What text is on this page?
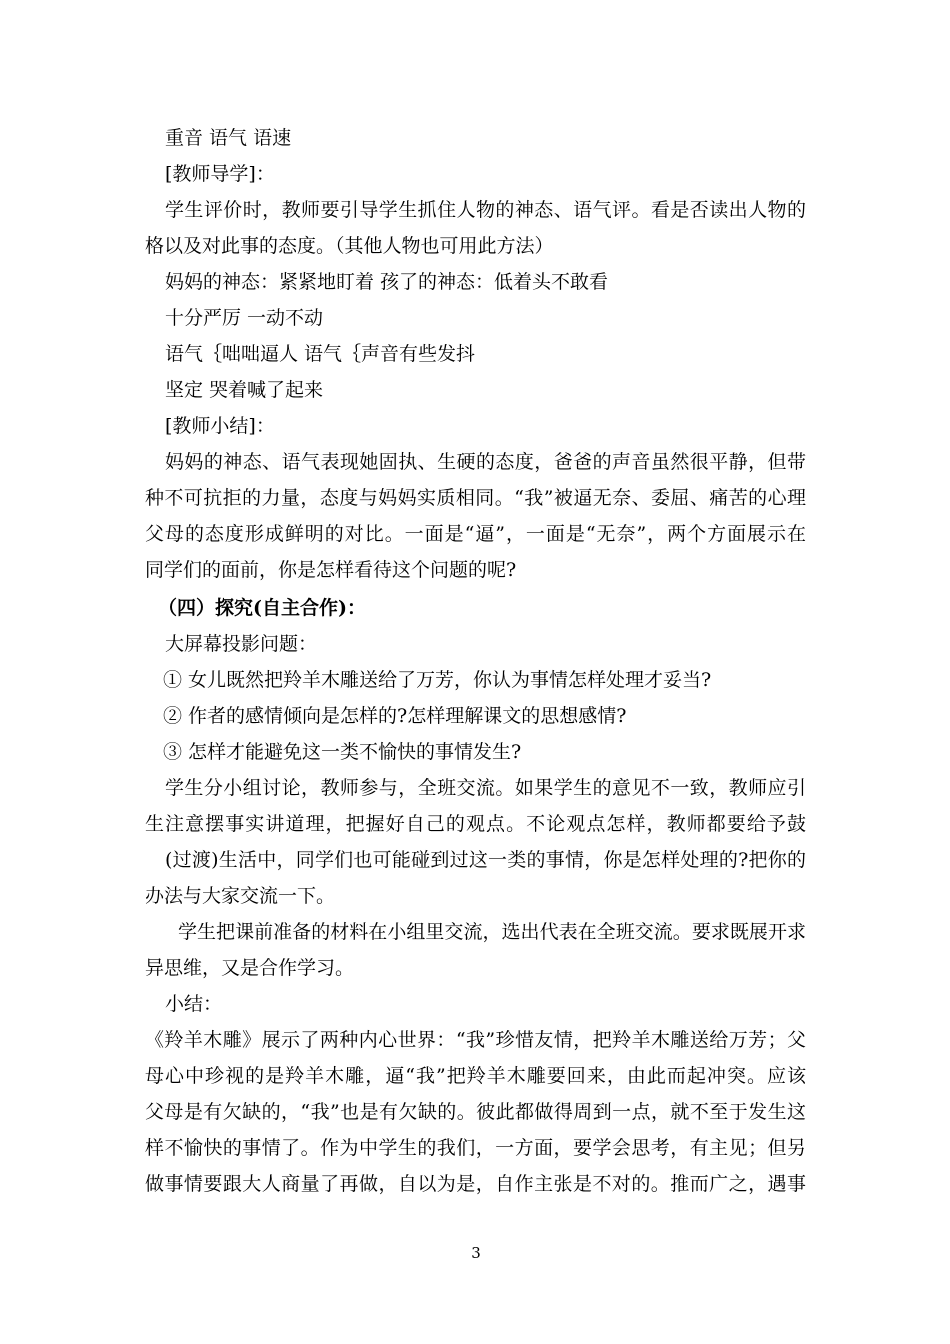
重音 语气 语速
[教师导学]：
学生评价时，教师要引导学生抓住人物的神态、语气评。看是否读出人物的
格以及对此事的态度。（其他人物也可用此方法）
妈妈的神态：紧紧地盯着 孩了的神态：低着头不敢看
十分严厉 一动不动
语气｛咄咄逼人 语气｛声音有些发抖
坚定 哭着喊了起来
[教师小结]：
妈妈的神态、语气表现她固执、生硬的态度，爸爸的声音虽然很平静，但带
种不可抗拒的力量，态度与妈妈实质相同。“我”被逼无奈、委屈、痛苦的心理
父母的态度形成鲜明的对比。一面是“逼”，一面是“无奈”，两个方面展示在
同学们的面前，你是怎样看待这个问题的呢?
（四）探究(自主合作)：
大屏幕投影问题：
① 女儿既然把羚羊木雕送给了万芳，你认为事情怎样处理才妥当?
② 作者的感情倾向是怎样的?怎样理解课文的思想感情?
③ 怎样才能避免这一类不愉快的事情发生?
学生分小组讨论，教师参与，全班交流。如果学生的意见不一致，教师应引
生注意摆事实讲道理，把握好自己的观点。不论观点怎样，教师都要给予鼓
(过渡)生活中，同学们也可能碰到过这一类的事情，你是怎样处理的?把你的
办法与大家交流一下。
学生把课前准备的材料在小组里交流，选出代表在全班交流。要求既展开求
异思维，又是合作学习。
小结：
《羚羊木雕》展示了两种内心世界：“我”珍惜友情，把羚羊木雕送给万芳；父
母心中珍视的是羚羊木雕，逼“我”把羚羊木雕要回来，由此而起冲突。应该
父母是有欠缺的，“我”也是有欠缺的。彼此都做得周到一点，就不至于发生这
样不愉快的事情了。作为中学生的我们，一方面，要学会思考，有主见；但另
做事情要跟大人商量了再做，自以为是，自作主张是不对的。推而广之，遇事
3
